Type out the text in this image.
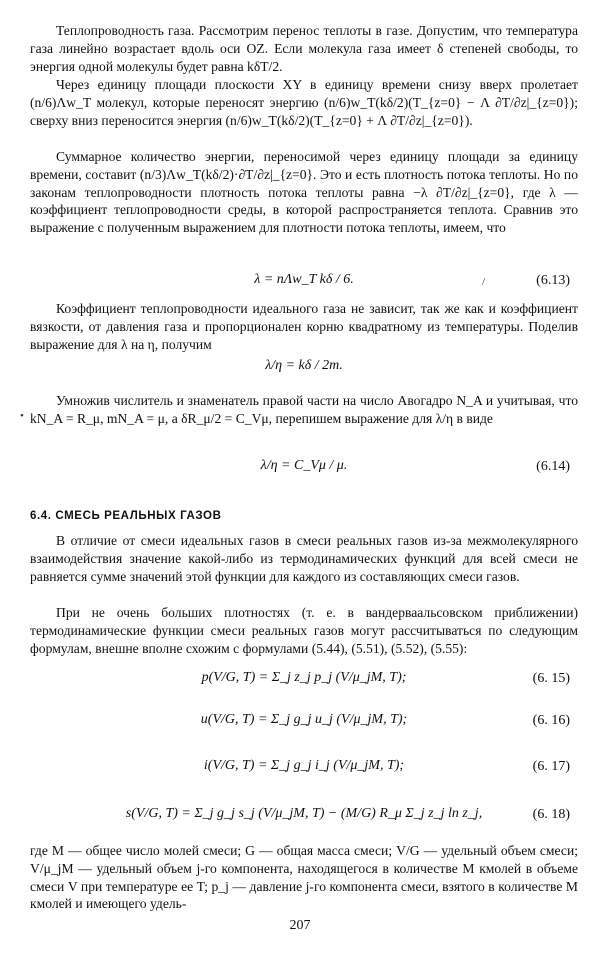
Теплопроводность газа. Рассмотрим перенос теплоты в газе. Допустим, что температура газа линейно возрастает вдоль оси OZ. Если молекула газа имеет δ степеней свободы, то энергия одной молекулы будет равна kδT/2.
Через единицу площади плоскости XY в единицу времени снизу вверх пролетает (n/6)Λw_T молекул, которые переносят энергию (n/6)w_T(kδ/2)(T_{z=0} − Λ ∂T/∂z|_{z=0}); сверху вниз переносится энергия (n/6)w_T(kδ/2)(T_{z=0} + Λ ∂T/∂z|_{z=0}).
Суммарное количество энергии, переносимой через единицу площади за единицу времени, составит (n/3)Λw_T(kδ/2)·∂T/∂z|_{z=0}. Это и есть плотность потока теплоты. Но по законам теплопроводности плотность потока теплоты равна −λ ∂T/∂z|_{z=0}, где λ — коэффициент теплопроводности среды, в которой распространяется теплота. Сравнив это выражение с полученным выражением для плотности потока теплоты, имеем, что
λ = nΛw_T kδ / 6.	(6.13)
Коэффициент теплопроводности идеального газа не зависит, так же как и коэффициент вязкости, от давления газа и пропорционален корню квадратному из температуры. Поделив выражение для λ на η, получим
λ/η = kδ / 2m.
Умножив числитель и знаменатель правой части на число Авогадро N_A и учитывая, что kN_A = R_μ, mN_A = μ, а δR_μ/2 = C_Vμ, перепишем выражение для λ/η в виде
λ/η = C_Vμ / μ.	(6.14)
6.4. СМЕСЬ РЕАЛЬНЫХ ГАЗОВ
В отличие от смеси идеальных газов в смеси реальных газов из-за межмолекулярного взаимодействия значение какой-либо из термодинамических функций для всей смеси не равняется сумме значений этой функции для каждого из составляющих смеси газов.
При не очень больших плотностях (т. е. в вандерваальсовском приближении) термодинамические функции смеси реальных газов могут рассчитываться по следующим формулам, внешне вполне схожим с формулами (5.44), (5.51), (5.52), (5.55):
p(V/G, T) = Σ_j z_j p_j (V/μ_jM, T);	(6. 15)
u(V/G, T) = Σ_j g_j u_j (V/μ_jM, T);	(6. 16)
i(V/G, T) = Σ_j g_j i_j (V/μ_jM, T);	(6. 17)
s(V/G, T) = Σ_j g_j s_j (V/μ_jM, T) − (M/G) R_μ Σ_j z_j ln z_j,	(6. 18)
где M — общее число молей смеси; G — общая масса смеси; V/G — удельный объем смеси; V/μ_jM — удельный объем j-го компонента, находящегося в количестве M кмолей в объеме смеси V при температуре ее T; p_j — давление j-го компонента смеси, взятого в количестве M кмолей и имеющего удель-
/
•
207
